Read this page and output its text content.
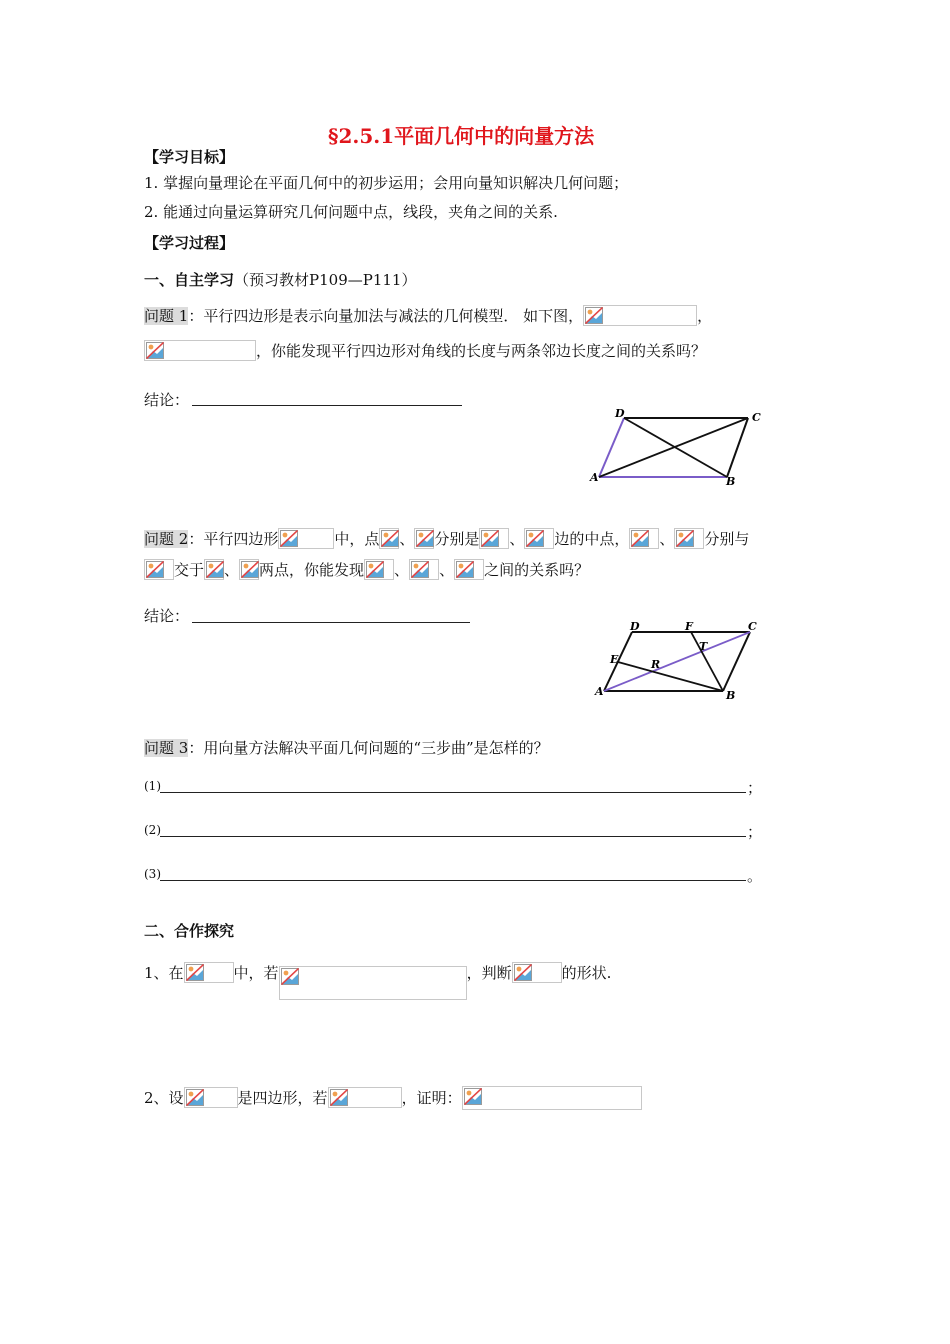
§2.5.1平面几何中的向量方法
【学习目标】
1. 掌握向量理论在平面几何中的初步运用；会用向量知识解决几何问题；
2. 能通过向量运算研究几何问题中点，线段，夹角之间的关系.
【学习过程】
一、自主学习（预习教材P109—P111）
问题 1：平行四边形是表示向量加法与减法的几何模型． 如下图，	，
，你能发现平行四边形对角线的长度与两条邻边长度之间的关系吗？
结论：
D	C
A	B
问题 2：平行四边形	中，点 、 分别是 、 边的中点， 、 分别与
交于 、 两点，你能发现 、 、 之间的关系吗？
结论：
D	F	C
E
T
R
A	B
问题 3：用向量方法解决平面几何问题的“三步曲”是怎样的？
(1)	；
(2)	；
(3)	。
二、合作探究
1、在	中，若	，判断	的形状.
2、设	是四边形，若	，证明：
